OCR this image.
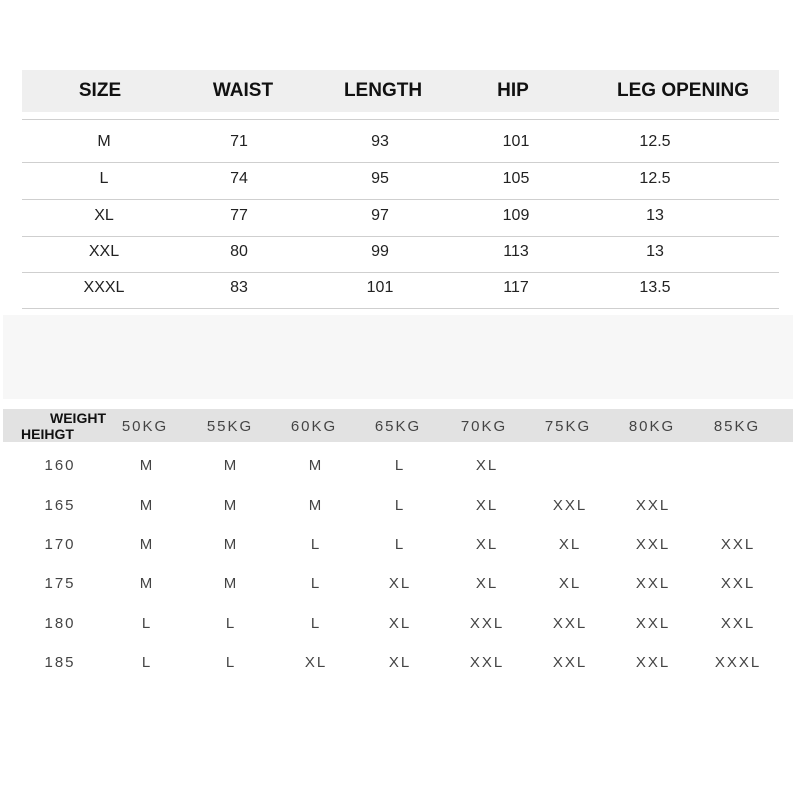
SIZE	WAIST	LENGTH	HIP	LEG OPENING
M	71	93	101	12.5
L	74	95	105	12.5
XL	77	97	109	13
XXL	80	99	113	13
XXXL	83	101	117	13.5
WEIGHT
HEIHGT	50KG	55KG	60KG	65KG	70KG	75KG	80KG	85KG
160	M	M	M	L	XL
165	M	M	M	L	XL	XXL	XXL
170	M	M	L	L	XL	XL	XXL	XXL
175	M	M	L	XL	XL	XL	XXL	XXL
180	L	L	L	XL	XXL	XXL	XXL	XXL
185	L	L	XL	XL	XXL	XXL	XXL	XXXL
